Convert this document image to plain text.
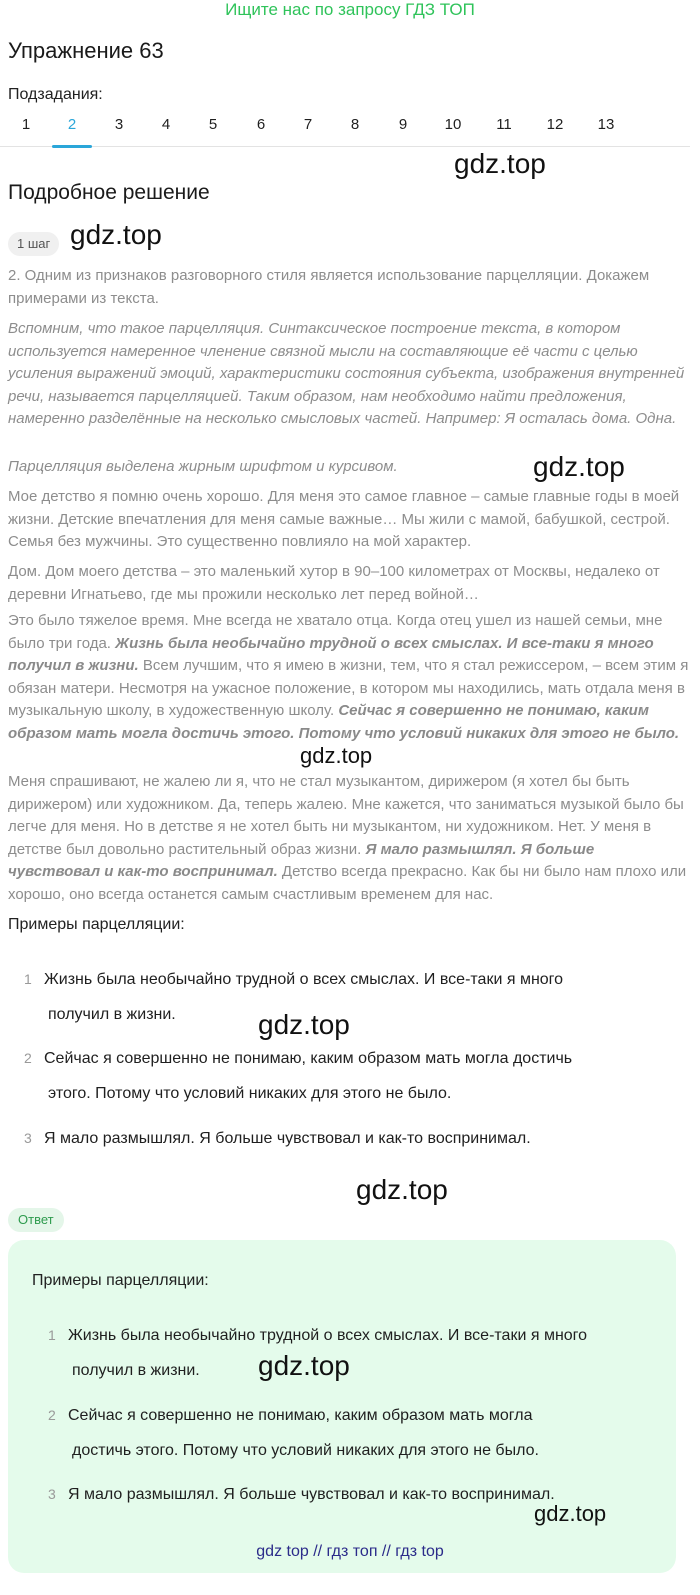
Ищите нас по запросу ГДЗ ТОП
Упражнение 63
Подзадания:
1	2	3	4	5	6	7	8	9	10	11	12	13
gdz.top
Подробное решение
1 шаг gdz.top

2. Одним из признаков разговорного стиля является использование парцелляции. Докажем примерами из текста.

Вспомним, что такое парцелляция. Синтаксическое построение текста, в котором используется намеренное членение связной мысли на составляющие её части с целью усиления выражений эмоций, характеристики состояния субъекта, изображения внутренней речи, называется парцелляцией. Таким образом, нам необходимо найти предложения, намеренно разделённые на несколько смысловых частей. Например: Я осталась дома. Одна.

Парцелляция выделена жирным шрифтом и курсивом.	gdz.top

Мое детство я помню очень хорошо. Для меня это самое главное – самые главные годы в моей жизни. Детские впечатления для меня самые важные… Мы жили с мамой, бабушкой, сестрой. Семья без мужчины. Это существенно повлияло на мой характер.

Дом. Дом моего детства – это маленький хутор в 90–100 километрах от Москвы, недалеко от деревни Игнатьево, где мы прожили несколько лет перед войной…

Это было тяжелое время. Мне всегда не хватало отца. Когда отец ушел из нашей семьи, мне было три года. Жизнь была необычайно трудной о всех смыслах. И все-таки я много получил в жизни. Всем лучшим, что я имею в жизни, тем, что я стал режиссером, – всем этим я обязан матери. Несмотря на ужасное положение, в котором мы находились, мать отдала меня в музыкальную школу, в художественную школу. Сейчас я совершенно не понимаю, каким образом мать могла достичь этого. Потому что условий никаких для этого не было.

gdz.top

Меня спрашивают, не жалею ли я, что не стал музыкантом, дирижером (я хотел бы быть дирижером) или художником. Да, теперь жалею. Мне кажется, что заниматься музыкой было бы легче для меня. Но в детстве я не хотел быть ни музыкантом, ни художником. Нет. У меня в детстве был довольно растительный образ жизни. Я мало размышлял. Я больше чувствовал и как-то воспринимал. Детство всегда прекрасно. Как бы ни было нам плохо или хорошо, оно всегда останется самым счастливым временем для нас.

Примеры парцелляции:
1 Жизнь была необычайно трудной о всех смыслах. И все-таки я много
получил в жизни.	gdz.top
2 Сейчас я совершенно не понимаю, каким образом мать могла достичь
этого. Потому что условий никаких для этого не было.
3 Я мало размышлял. Я больше чувствовал и как-то воспринимал.
gdz.top
Ответ
Примеры парцелляции:
1 Жизнь была необычайно трудной о всех смыслах. И все-таки я много
получил в жизни. gdz.top
2 Сейчас я совершенно не понимаю, каким образом мать могла
достичь этого. Потому что условий никаких для этого не было.
3 Я мало размышлял. Я больше чувствовал и как-то воспринимал.
gdz.top
gdz top // гдз топ // гдз top
